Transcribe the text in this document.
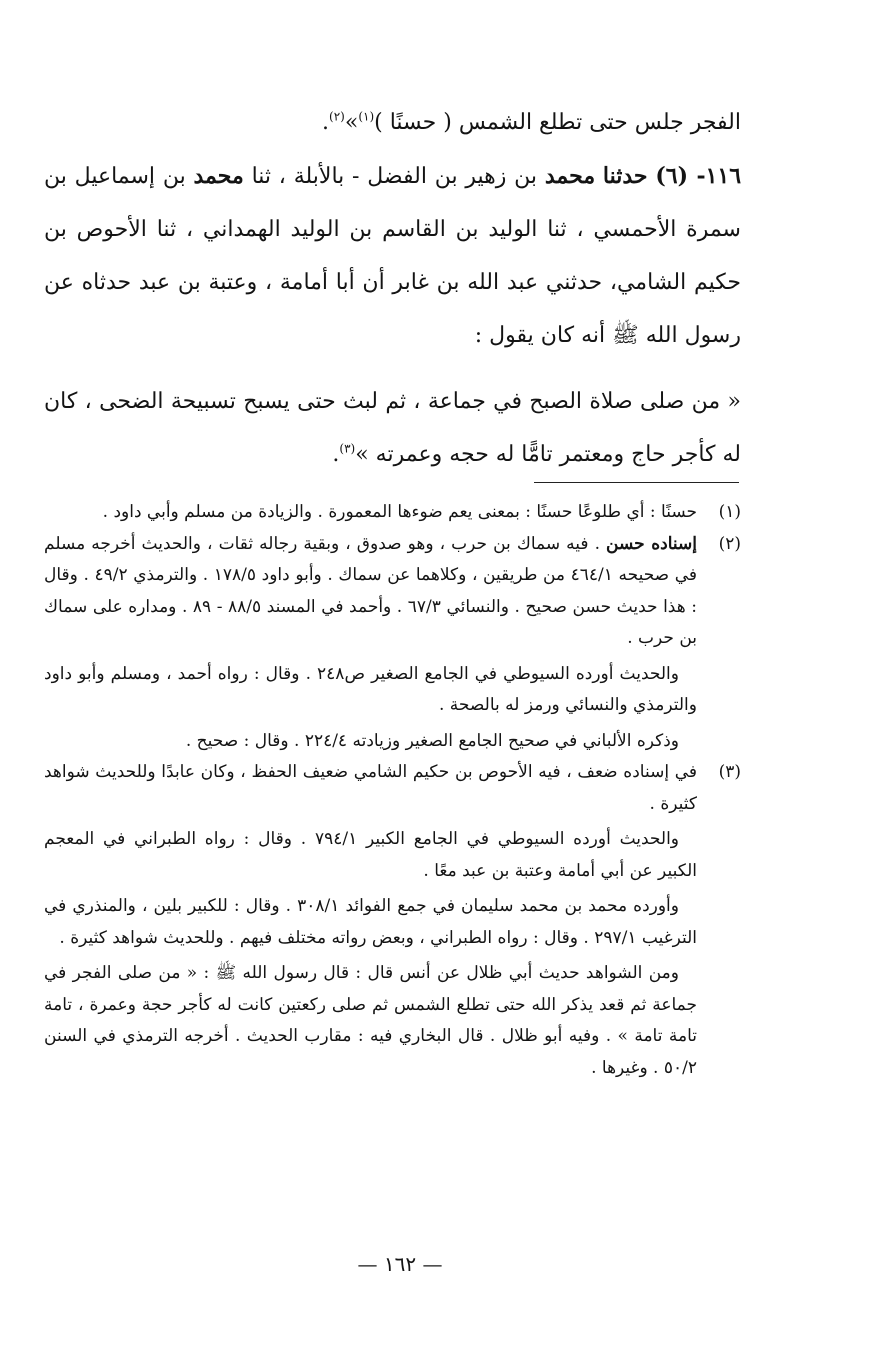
الفجر جلس حتى تطلع الشمس ( حسنًا )$^{(١)}$»$^{(٢)}$.

١١٦- (٦) حدثنا محمد بن زهير بن الفضل - بالأبلة ، ثنا محمد بن إسماعيل بن سمرة الأحمسي ، ثنا الوليد بن القاسم بن الوليد الهمداني ، ثنا الأحوص بن حكيم الشامي، حدثني عبد الله بن غابر أن أبا أمامة ، وعتبة بن عبد حدثاه عن رسول الله ﷺ أنه كان يقول :

« من صلى صلاة الصبح في جماعة ، ثم لبث حتى يسبح تسبيحة الضحى ، كان له كأجر حاج ومعتمر تامًّا له حجه وعمرته »$^{(٣)}$.

(١)

حسنًا : أي طلوعًا حسنًا : بمعنى يعم ضوءها المعمورة . والزيادة من مسلم وأبي داود .

(٢)

إسناده حسن . فيه سماك بن حرب ، وهو صدوق ، وبقية رجاله ثقات ، والحديث أخرجه مسلم في صحيحه ٤٦٤/١ من طريقين ، وكلاهما عن سماك . وأبو داود ١٧٨/٥ . والترمذي ٤٩/٢ . وقال : هذا حديث حسن صحيح . والنسائي ٦٧/٣ . وأحمد في المسند ٨٨/٥ - ٨٩ . ومداره على سماك بن حرب .

والحديث أورده السيوطي في الجامع الصغير ص٢٤٨ . وقال : رواه أحمد ، ومسلم وأبو داود والترمذي والنسائي ورمز له بالصحة .

وذكره الألباني في صحيح الجامع الصغير وزيادته ٢٢٤/٤ . وقال : صحيح .

(٣)

في إسناده ضعف ، فيه الأحوص بن حكيم الشامي ضعيف الحفظ ، وكان عابدًا وللحديث شواهد كثيرة .

والحديث أورده السيوطي في الجامع الكبير ٧٩٤/١ . وقال : رواه الطبراني في المعجم الكبير عن أبي أمامة وعتبة بن عبد معًا .

وأورده محمد بن محمد سليمان في جمع الفوائد ٣٠٨/١ . وقال : للكبير بلين ، والمنذري في الترغيب ٢٩٧/١ . وقال : رواه الطبراني ، وبعض رواته مختلف فيهم . وللحديث شواهد كثيرة .

ومن الشواهد حديث أبي ظلال عن أنس قال : قال رسول الله ﷺ : « من صلى الفجر في جماعة ثم قعد يذكر الله حتى تطلع الشمس ثم صلى ركعتين كانت له كأجر حجة وعمرة ، تامة تامة تامة » . وفيه أبو ظلال . قال البخاري فيه : مقارب الحديث . أخرجه الترمذي في السنن ٥٠/٢ . وغيرها .

— ١٦٢ —
